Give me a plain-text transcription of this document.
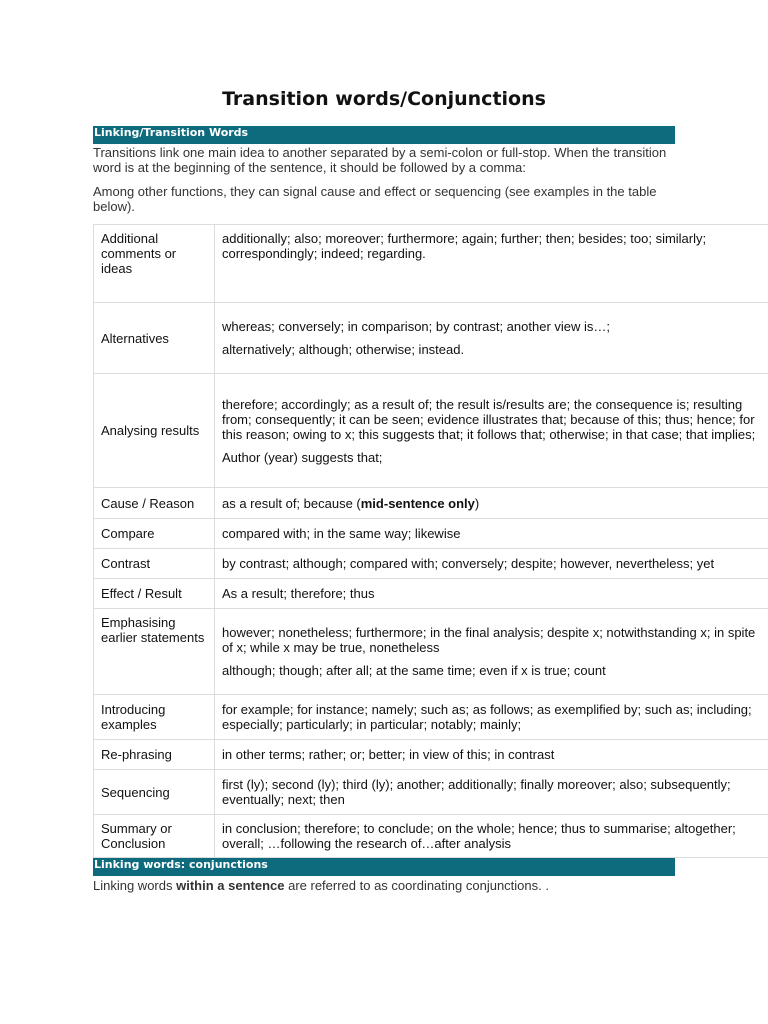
Transition words/Conjunctions
Linking/Transition Words
Transitions link one main idea to another separated by a semi-colon or full-stop. When the transition word is at the beginning of the sentence, it should be followed by a comma:
Among other functions, they can signal cause and effect or sequencing (see examples in the table below).
Additional comments or ideas	additionally; also; moreover; furthermore; again; further; then; besides; too; similarly; correspondingly; indeed; regarding.

Alternatives	whereas; conversely; in comparison; by contrast; another view is…;

alternatively; although; otherwise; instead.

Analysing results	therefore; accordingly; as a result of; the result is/results are; the consequence is; resulting from; consequently; it can be seen; evidence illustrates that; because of this; thus; hence; for this reason; owing to x; this suggests that; it follows that; otherwise; in that case; that implies;

Author (year) suggests that;

Cause / Reason	as a result of; because (mid-sentence only)

Compare	compared with; in the same way; likewise

Contrast	by contrast; although; compared with; conversely; despite; however, nevertheless; yet

Effect / Result	As a result; therefore; thus

Emphasising earlier statements	however; nonetheless; furthermore; in the final analysis; despite x; notwithstanding x; in spite of x; while x may be true, nonetheless

although; though; after all; at the same time; even if x is true; count

Introducing examples	for example; for instance; namely; such as; as follows; as exemplified by; such as; including; especially; particularly; in particular; notably; mainly;

Re-phrasing	in other terms; rather; or; better; in view of this; in contrast

Sequencing	first (ly); second (ly); third (ly); another; additionally; finally moreover; also; subsequently; eventually; next; then

Summary or Conclusion	in conclusion; therefore; to conclude; on the whole; hence; thus to summarise; altogether; overall; …following the research of…after analysis

Linking words: conjunctions
Linking words within a sentence are referred to as coordinating conjunctions. .
